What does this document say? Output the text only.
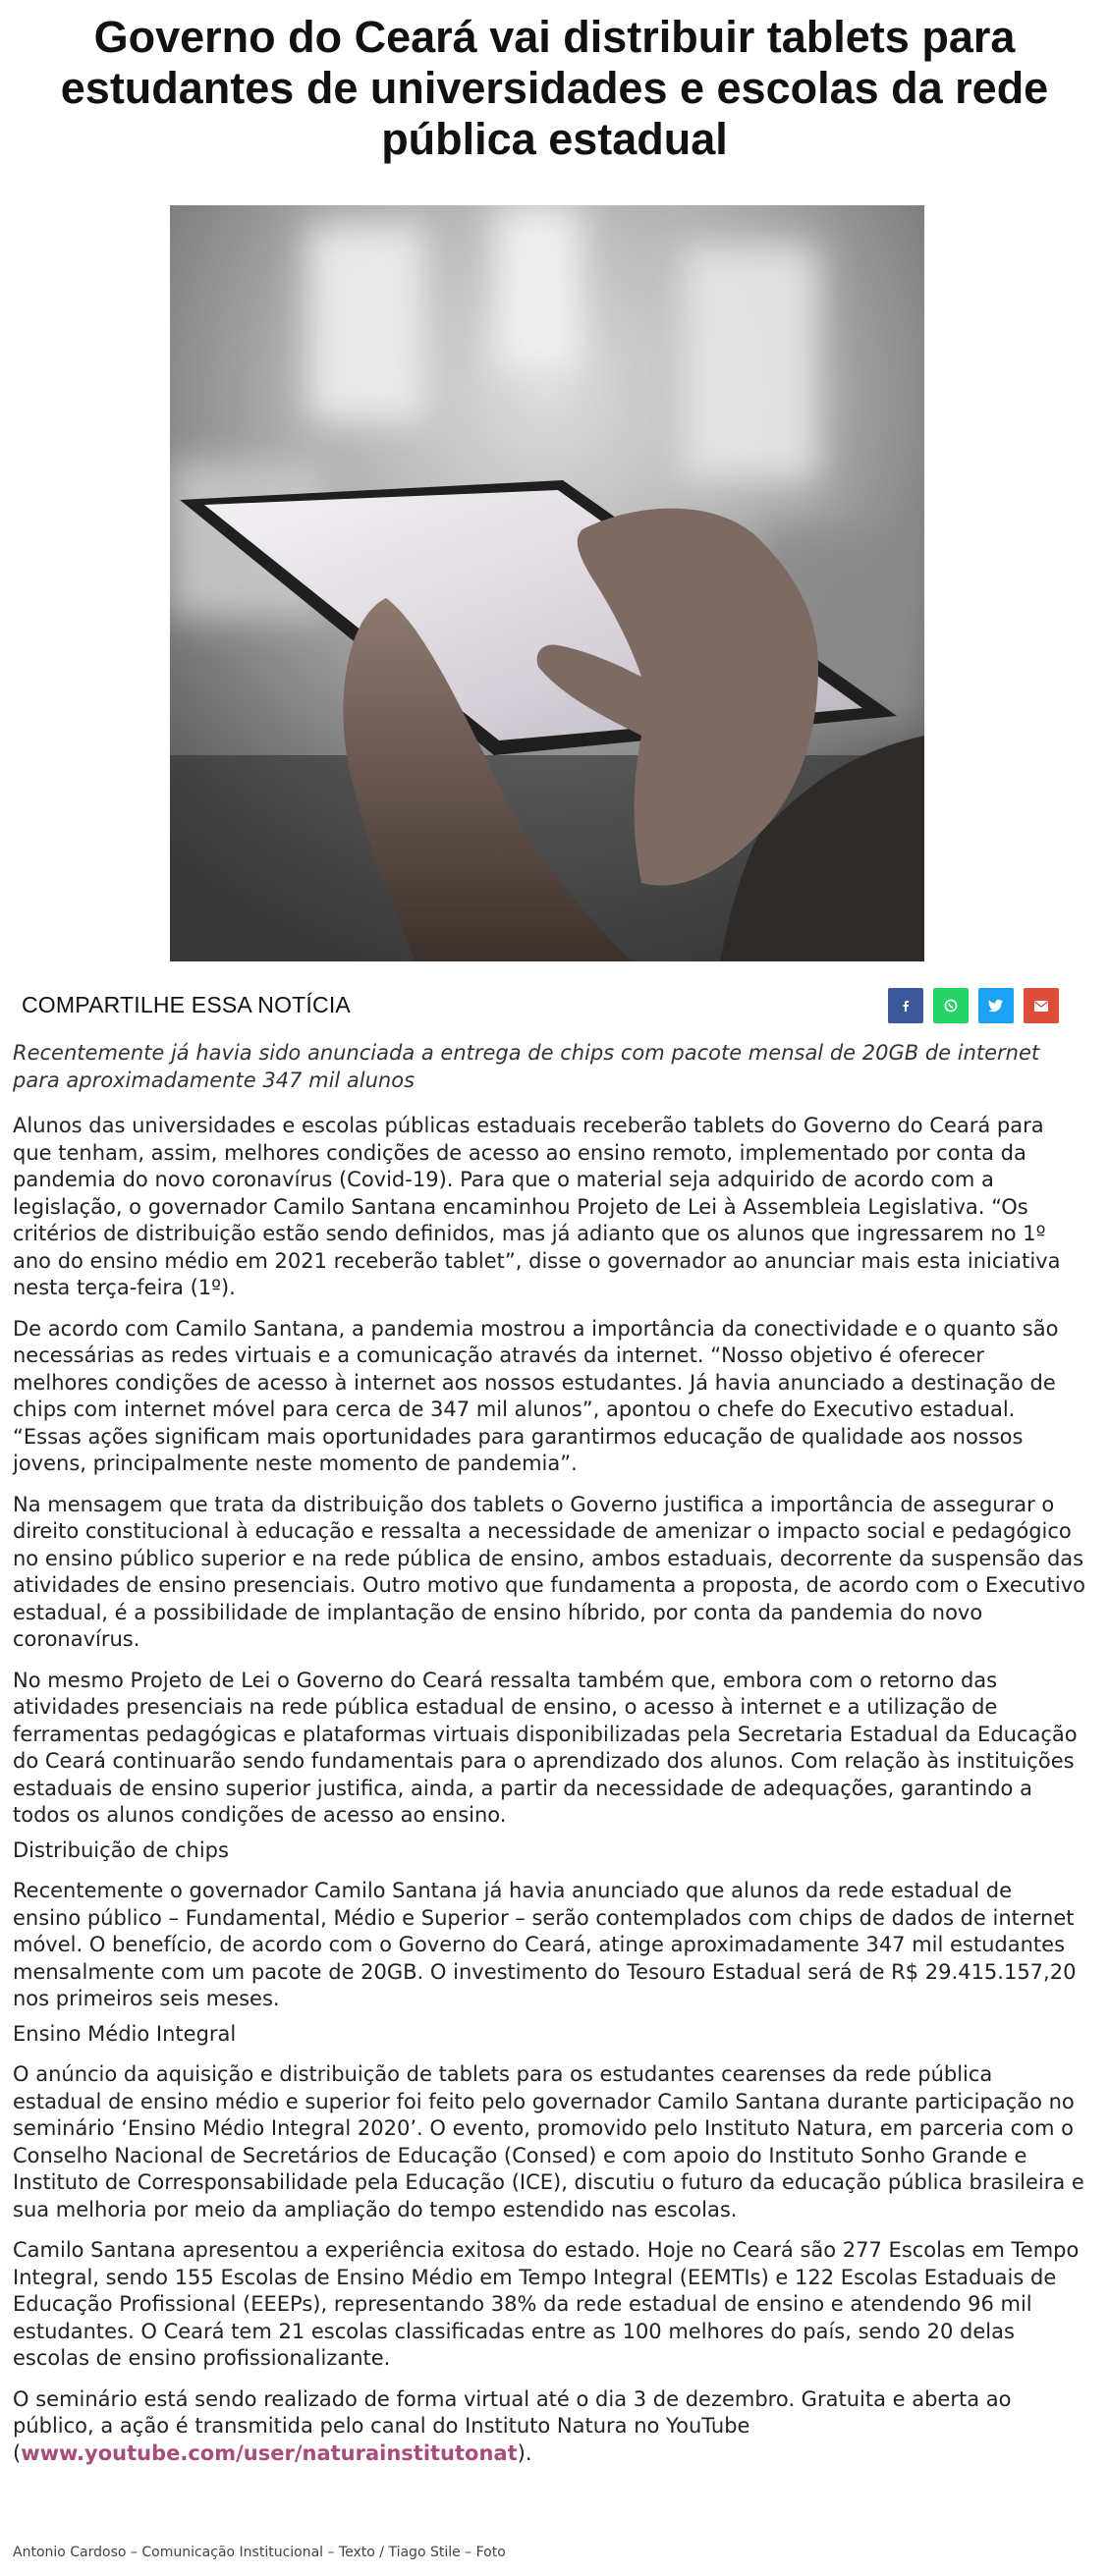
Governo do Ceará vai distribuir tablets para estudantes de universidades e escolas da rede pública estadual
COMPARTILHE ESSA NOTÍCIA
Recentemente já havia sido anunciada a entrega de chips com pacote mensal de 20GB de internet para aproximadamente 347 mil alunos

Alunos das universidades e escolas públicas estaduais receberão tablets do Governo do Ceará para que tenham, assim, melhores condições de acesso ao ensino remoto, implementado por conta da pandemia do novo coronavírus (Covid-19). Para que o material seja adquirido de acordo com a legislação, o governador Camilo Santana encaminhou Projeto de Lei à Assembleia Legislativa. “Os critérios de distribuição estão sendo definidos, mas já adianto que os alunos que ingressarem no 1º ano do ensino médio em 2021 receberão tablet”, disse o governador ao anunciar mais esta iniciativa nesta terça-feira (1º).

De acordo com Camilo Santana, a pandemia mostrou a importância da conectividade e o quanto são necessárias as redes virtuais e a comunicação através da internet. “Nosso objetivo é oferecer melhores condições de acesso à internet aos nossos estudantes. Já havia anunciado a destinação de chips com internet móvel para cerca de 347 mil alunos”, apontou o chefe do Executivo estadual. “Essas ações significam mais oportunidades para garantirmos educação de qualidade aos nossos jovens, principalmente neste momento de pandemia”.

Na mensagem que trata da distribuição dos tablets o Governo justifica a importância de assegurar o direito constitucional à educação e ressalta a necessidade de amenizar o impacto social e pedagógico no ensino público superior e na rede pública de ensino, ambos estaduais, decorrente da suspensão das atividades de ensino presenciais. Outro motivo que fundamenta a proposta, de acordo com o Executivo estadual, é a possibilidade de implantação de ensino híbrido, por conta da pandemia do novo coronavírus.

No mesmo Projeto de Lei o Governo do Ceará ressalta também que, embora com o retorno das atividades presenciais na rede pública estadual de ensino, o acesso à internet e a utilização de ferramentas pedagógicas e plataformas virtuais disponibilizadas pela Secretaria Estadual da Educação do Ceará continuarão sendo fundamentais para o aprendizado dos alunos. Com relação às instituições estaduais de ensino superior justifica, ainda, a partir da necessidade de adequações, garantindo a todos os alunos condições de acesso ao ensino.

Distribuição de chips

Recentemente o governador Camilo Santana já havia anunciado que alunos da rede estadual de ensino público – Fundamental, Médio e Superior – serão contemplados com chips de dados de internet móvel. O benefício, de acordo com o Governo do Ceará, atinge aproximadamente 347 mil estudantes mensalmente com um pacote de 20GB. O investimento do Tesouro Estadual será de R$ 29.415.157,20 nos primeiros seis meses.

Ensino Médio Integral

O anúncio da aquisição e distribuição de tablets para os estudantes cearenses da rede pública estadual de ensino médio e superior foi feito pelo governador Camilo Santana durante participação no seminário ‘Ensino Médio Integral 2020’. O evento, promovido pelo Instituto Natura, em parceria com o Conselho Nacional de Secretários de Educação (Consed) e com apoio do Instituto Sonho Grande e Instituto de Corresponsabilidade pela Educação (ICE), discutiu o futuro da educação pública brasileira e sua melhoria por meio da ampliação do tempo estendido nas escolas.

Camilo Santana apresentou a experiência exitosa do estado. Hoje no Ceará são 277 Escolas em Tempo Integral, sendo 155 Escolas de Ensino Médio em Tempo Integral (EEMTIs) e 122 Escolas Estaduais de Educação Profissional (EEEPs), representando 38% da rede estadual de ensino e atendendo 96 mil estudantes. O Ceará tem 21 escolas classificadas entre as 100 melhores do país, sendo 20 delas escolas de ensino profissionalizante.

O seminário está sendo realizado de forma virtual até o dia 3 de dezembro. Gratuita e aberta ao público, a ação é transmitida pelo canal do Instituto Natura no YouTube (www.youtube.com/user/naturainstitutonat).

Antonio Cardoso – Comunicação Institucional – Texto / Tiago Stile – Foto
